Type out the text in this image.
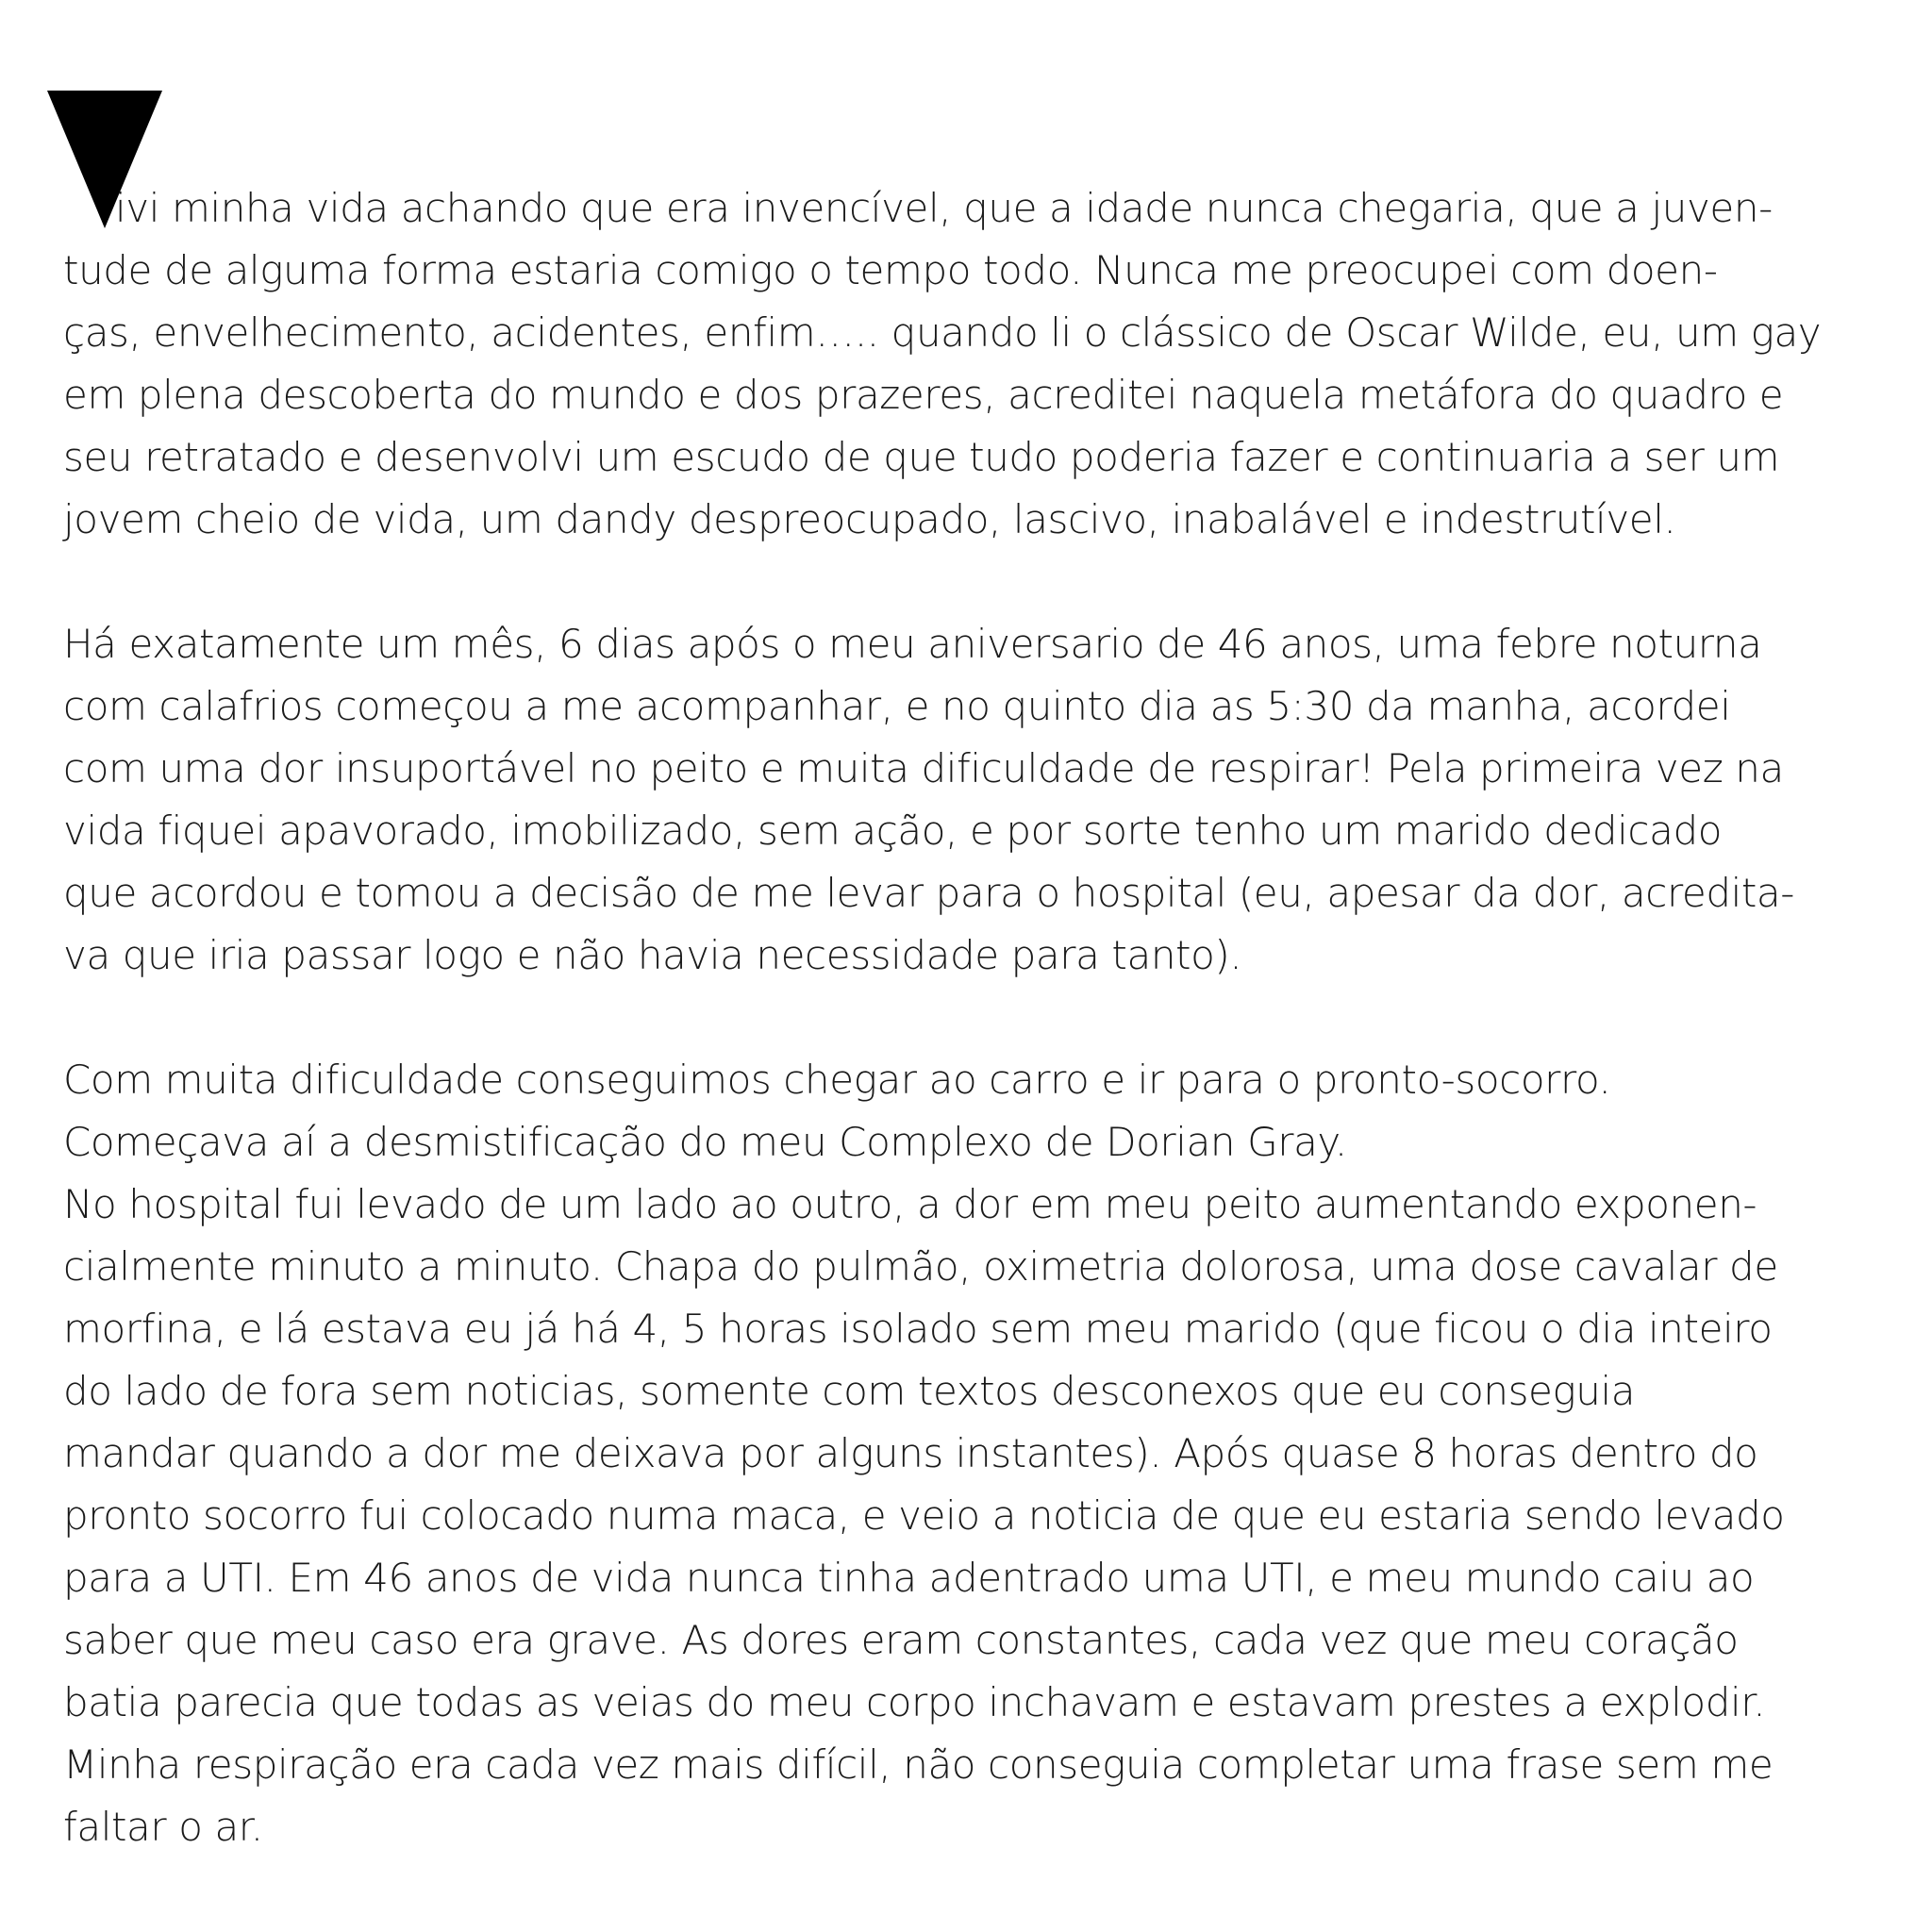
ivi minha vida achando que era invencível, que a idade nunca chegaria, que a juven-
tude de alguma forma estaria comigo o tempo todo. Nunca me preocupei com doen-
ças, envelhecimento, acidentes, enfim….. quando li o clássico de Oscar Wilde, eu, um gay
em plena descoberta do mundo e dos prazeres, acreditei naquela metáfora do quadro e
seu retratado e desenvolvi um escudo de que tudo poderia fazer e continuaria a ser um
jovem cheio de vida, um dandy despreocupado, lascivo, inabalável e indestrutível.
Há exatamente um mês, 6 dias após o meu aniversario de 46 anos, uma febre noturna
com calafrios começou a me acompanhar, e no quinto dia as 5:30 da manha, acordei
com uma dor insuportável no peito e muita dificuldade de respirar! Pela primeira vez na
vida fiquei apavorado, imobilizado, sem ação, e por sorte tenho um marido dedicado
que acordou e tomou a decisão de me levar para o hospital (eu, apesar da dor, acredita-
va que iria passar logo e não havia necessidade para tanto).
Com muita dificuldade conseguimos chegar ao carro e ir para o pronto-socorro.
Começava aí a desmistificação do meu Complexo de Dorian Gray.
No hospital fui levado de um lado ao outro, a dor em meu peito aumentando exponen-
cialmente minuto a minuto. Chapa do pulmão, oximetria dolorosa, uma dose cavalar de
morfina, e lá estava eu já há 4, 5 horas isolado sem meu marido (que ficou o dia inteiro
do lado de fora sem noticias, somente com textos desconexos que eu conseguia
mandar quando a dor me deixava por alguns instantes). Após quase 8 horas dentro do
pronto socorro fui colocado numa maca, e veio a noticia de que eu estaria sendo levado
para a UTI. Em 46 anos de vida nunca tinha adentrado uma UTI, e meu mundo caiu ao
saber que meu caso era grave. As dores eram constantes, cada vez que meu coração
batia parecia que todas as veias do meu corpo inchavam e estavam prestes a explodir.
Minha respiração era cada vez mais difícil, não conseguia completar uma frase sem me
faltar o ar.
